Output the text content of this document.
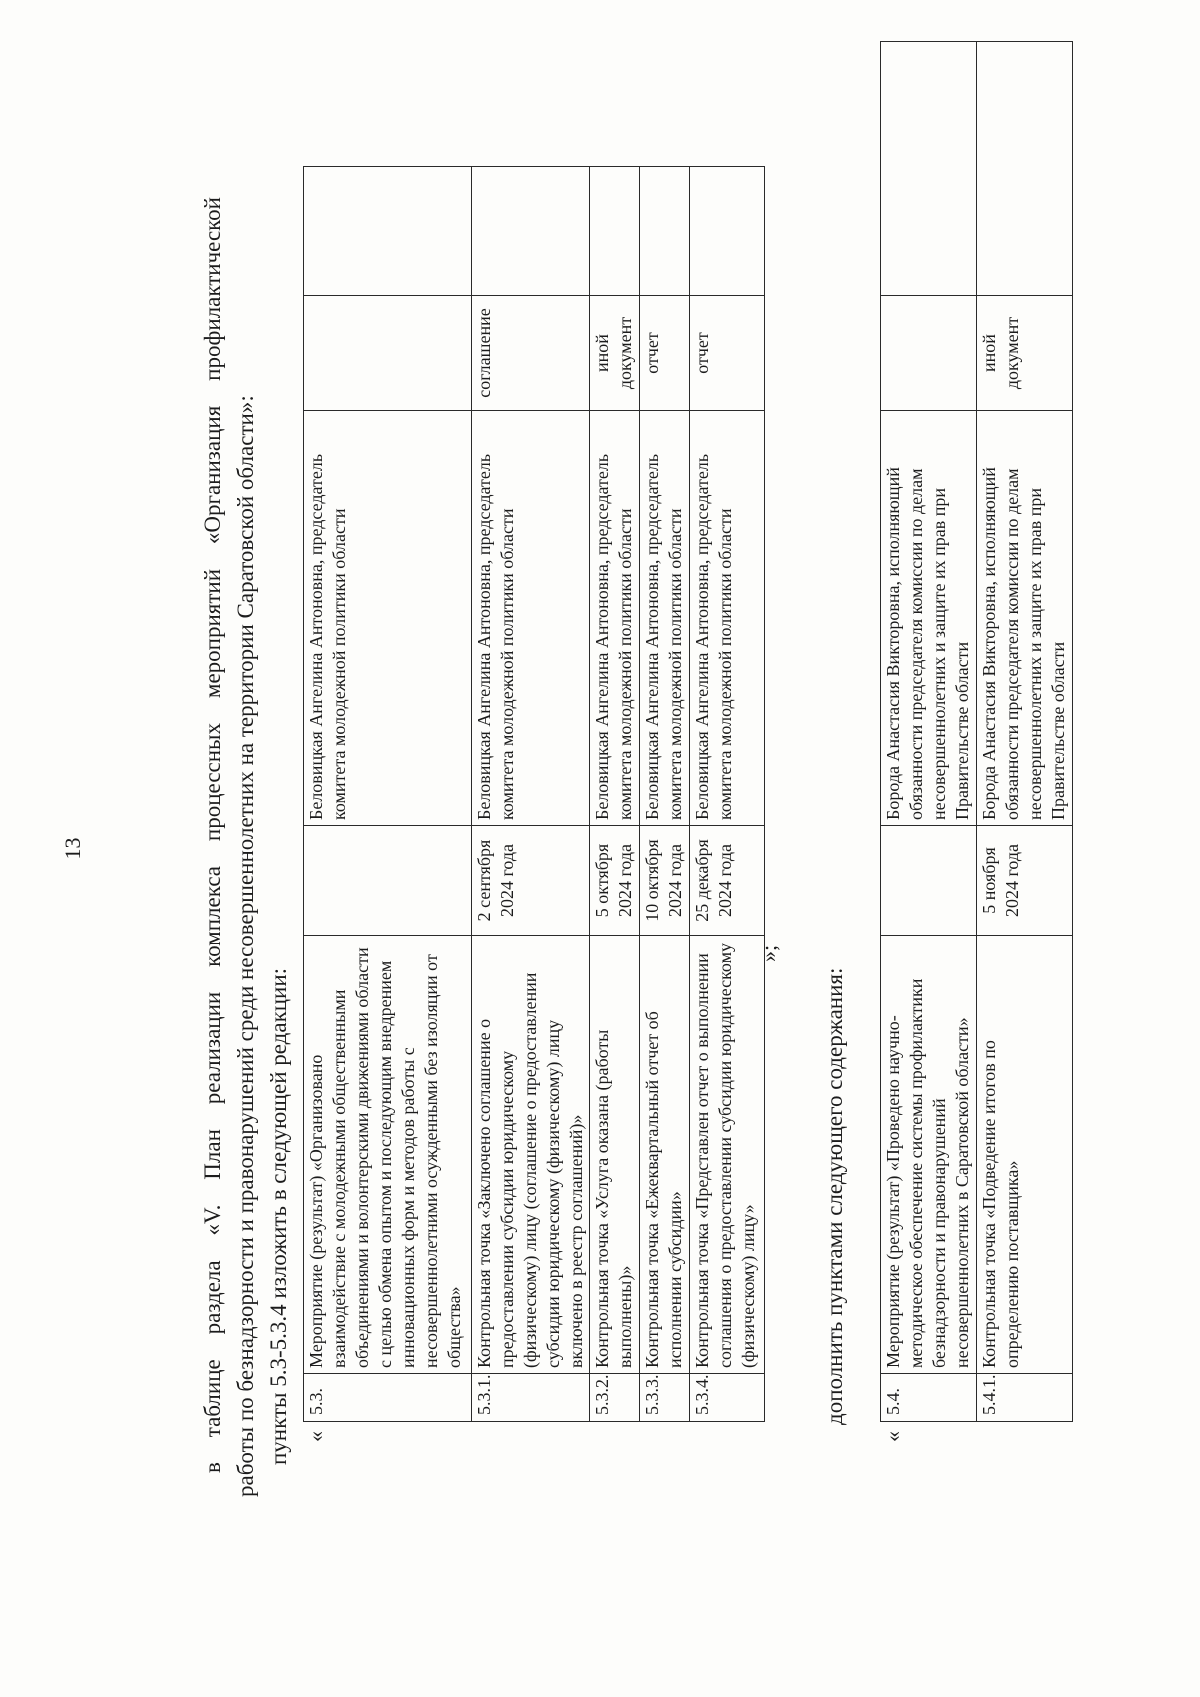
13	в таблице раздела «V. План реализации комплекса процессных мероприятий «Организация профилактической работы по безнадзорности и правонарушений среди несовершеннолетних на территории Саратовской области»: пункты 5.3-5.3.4 изложить в следующей редакции: «
5.3.	Мероприятие (результат) «Организовано взаимодействие с молодежными общественными объединениями и волонтерскими движениями области с целью обмена опытом и последующим внедрением инновационных форм и методов работы с несовершеннолетними осужденными без изоляции от общества»		Беловицкая Ангелина Антоновна, председатель комитета молодежной политики области		
5.3.1.	Контрольная точка «Заключено соглашение о предоставлении субсидии юридическому (физическому) лицу (соглашение о предоставлении субсидии юридическому (физическому) лицу включено в реестр соглашений)»	2 сентября 2024 года	Беловицкая Ангелина Антоновна, председатель комитета молодежной политики области	соглашение	
5.3.2.	Контрольная точка «Услуга оказана (работы выполнены)»	5 октября 2024 года	Беловицкая Ангелина Антоновна, председатель комитета молодежной политики области	иной документ	
5.3.3.	Контрольная точка «Ежеквартальный отчет об исполнении субсидии»	10 октября 2024 года	Беловицкая Ангелина Антоновна, председатель комитета молодежной политики области	отчет	
5.3.4.	Контрольная точка «Представлен отчет о выполнении соглашения о предоставлении субсидии юридическому (физическому) лицу»	25 декабря 2024 года	Беловицкая Ангелина Антоновна, председатель комитета молодежной политики области	отчет	
»;
дополнить пунктами следующего содержания:
«
5.4.	Мероприятие (результат) «Проведено научно-методическое обеспечение системы профилактики безнадзорности и правонарушений несовершеннолетних в Саратовской области»		Борода Анастасия Викторовна, исполняющий обязанности председателя комиссии по делам несовершеннолетних и защите их прав при Правительстве области		
5.4.1.	Контрольная точка «Подведение итогов по определению поставщика»	5 ноября 2024 года	Борода Анастасия Викторовна, исполняющий обязанности председателя комиссии по делам несовершеннолетних и защите их прав при Правительстве области	иной документ	
